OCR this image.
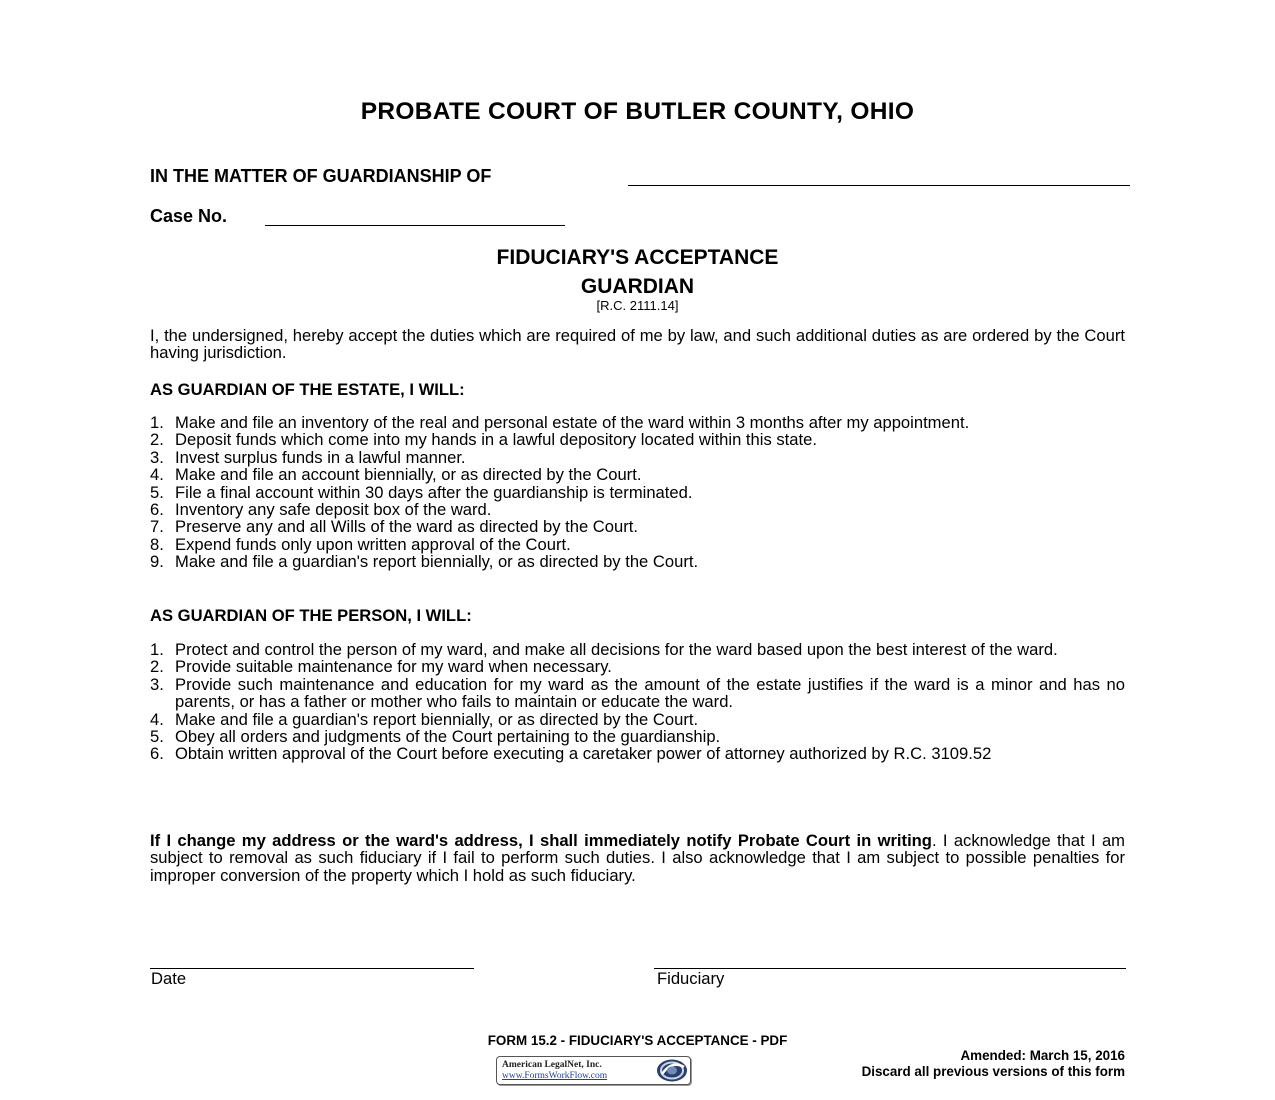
PROBATE COURT OF BUTLER COUNTY, OHIO
IN THE MATTER OF GUARDIANSHIP OF
Case No.
FIDUCIARY'S ACCEPTANCE
GUARDIAN
[R.C. 2111.14]

I, the undersigned, hereby accept the duties which are required of me by law, and such additional duties as are ordered by the Court having jurisdiction.

AS GUARDIAN OF THE ESTATE, I WILL:
1. Make and file an inventory of the real and personal estate of the ward within 3 months after my appointment.
2. Deposit funds which come into my hands in a lawful depository located within this state.
3. Invest surplus funds in a lawful manner.
4. Make and file an account biennially, or as directed by the Court.
5. File a final account within 30 days after the guardianship is terminated.
6. Inventory any safe deposit box of the ward.
7. Preserve any and all Wills of the ward as directed by the Court.
8. Expend funds only upon written approval of the Court.
9. Make and file a guardian's report biennially, or as directed by the Court.
AS GUARDIAN OF THE PERSON, I WILL:
1. Protect and control the person of my ward, and make all decisions for the ward based upon the best interest of the ward.
2. Provide suitable maintenance for my ward when necessary.
3. Provide such maintenance and education for my ward as the amount of the estate justifies if the ward is a minor and has no parents, or has a father or mother who fails to maintain or educate the ward.
4. Make and file a guardian's report biennially, or as directed by the Court.
5. Obey all orders and judgments of the Court pertaining to the guardianship.
6. Obtain written approval of the Court before executing a caretaker power of attorney authorized by R.C. 3109.52

If I change my address or the ward's address, I shall immediately notify Probate Court in writing. I acknowledge that I am subject to removal as such fiduciary if I fail to perform such duties. I also acknowledge that I am subject to possible penalties for improper conversion of the property which I hold as such fiduciary.

Date	Fiduciary
FORM 15.2 - FIDUCIARY'S ACCEPTANCE - PDF
Amended: March 15, 2016
Discard all previous versions of this form
American LegalNet, Inc.
www.FormsWorkFlow.com
